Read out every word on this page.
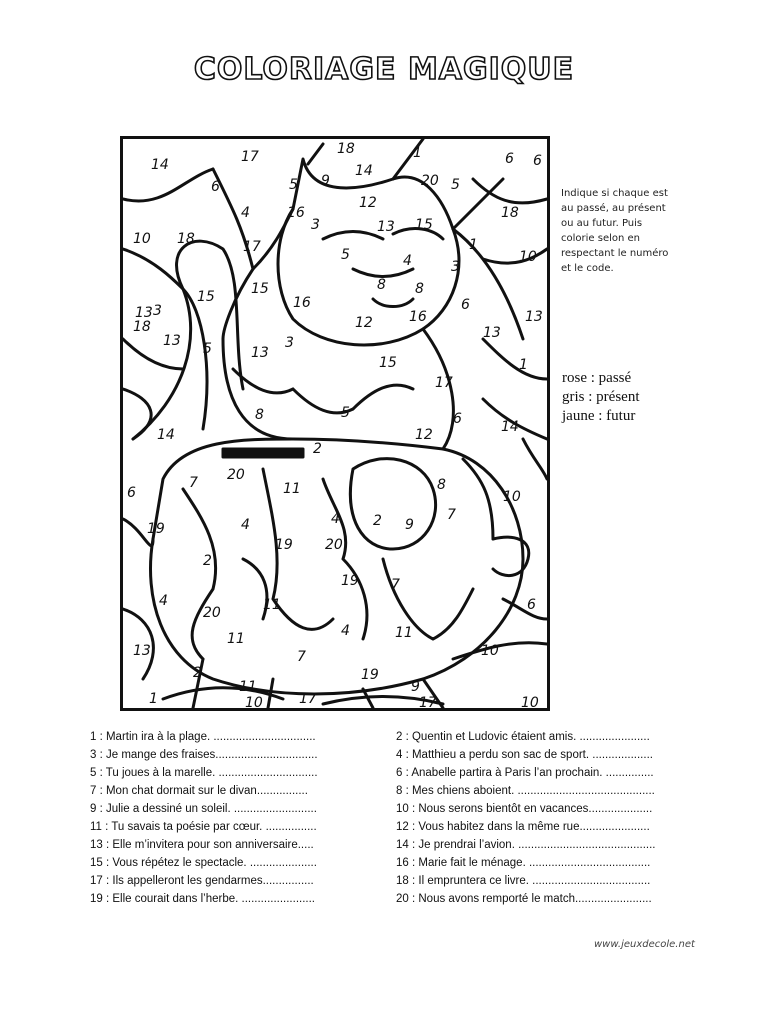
COLORIAGE MAGIQUE
14	17	18	1	6 6
6	5 9
14
12
20 5
18
4
10 18
16
3	13
17
15
1
10
5	4	3
8 8
13
15
16
12	16
13
3
15	6
13
18
13 5	13
1
15
3
17
8	5
14
12
6
14
6
2
20
11
7	8
10
19	4	4 2 9
7
2
19 20
19 7
4
20	11	6
13
11
7
4	11
19
10
2
11
10	17	17	10
1
9
Indique si chaque est au passé, au présent ou au futur. Puis colorie selon en respectant le numéro et le code.
rose : passé
gris : présent
jaune : futur
1 : Martin ira à la plage. ................................	2 : Quentin et Ludovic étaient amis. ......................
3 : Je mange des fraises................................	4 : Matthieu a perdu son sac de sport. ...................
5 : Tu joues à la marelle. ...............................	6 : Anabelle partira à Paris l’an prochain. ...............
7 : Mon chat dormait sur le divan................	8 : Mes chiens aboient. ...........................................
9 : Julie a dessiné un soleil. ..........................	10 : Nous serons bientôt en vacances....................
11 : Tu savais ta poésie par cœur. ................	12 : Vous habitez dans la même rue......................
13 : Elle m’invitera pour son anniversaire.....	14 : Je prendrai l’avion. ...........................................
15 : Vous répétez le spectacle. .....................	16 : Marie fait le ménage. ......................................
17 : Ils appelleront les gendarmes................	18 : Il empruntera ce livre. .....................................
19 : Elle courait dans l’herbe. .......................	20 : Nous avons remporté le match........................
www.jeuxdecole.net
